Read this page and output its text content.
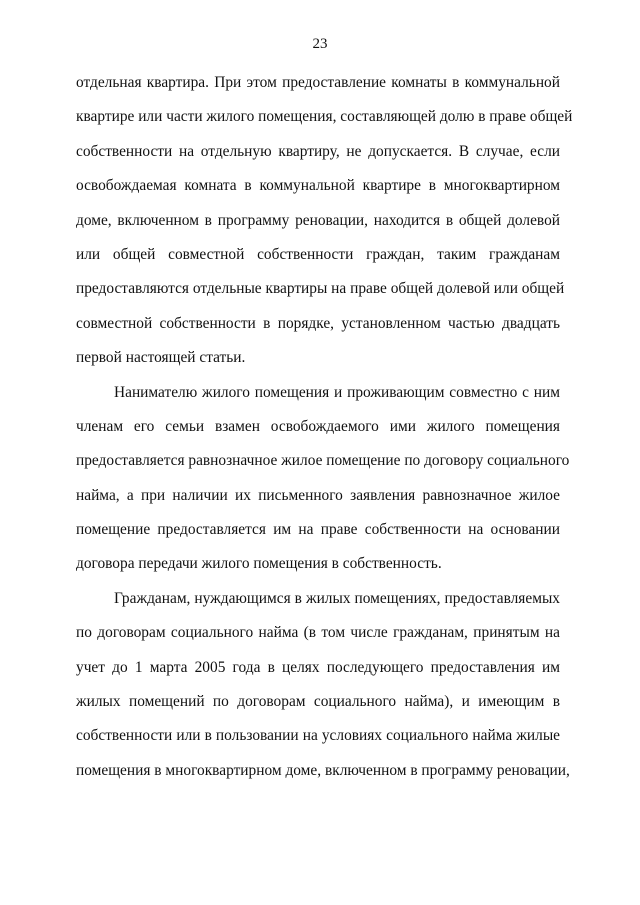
23
отдельная квартира. При этом предоставление комнаты в коммунальной
квартире или части жилого помещения, составляющей долю в праве общей
собственности на отдельную квартиру, не допускается. В случае, если
освобождаемая комната в коммунальной квартире в многоквартирном
доме, включенном в программу реновации, находится в общей долевой
или общей совместной собственности граждан, таким гражданам
предоставляются отдельные квартиры на праве общей долевой или общей
совместной собственности в порядке, установленном частью двадцать
первой настоящей статьи.
Нанимателю жилого помещения и проживающим совместно с ним
членам его семьи взамен освобождаемого ими жилого помещения
предоставляется равнозначное жилое помещение по договору социального
найма, а при наличии их письменного заявления равнозначное жилое
помещение предоставляется им на праве собственности на основании
договора передачи жилого помещения в собственность.
Гражданам, нуждающимся в жилых помещениях, предоставляемых
по договорам социального найма (в том числе гражданам, принятым на
учет до 1 марта 2005 года в целях последующего предоставления им
жилых помещений по договорам социального найма), и имеющим в
собственности или в пользовании на условиях социального найма жилые
помещения в многоквартирном доме, включенном в программу реновации,
